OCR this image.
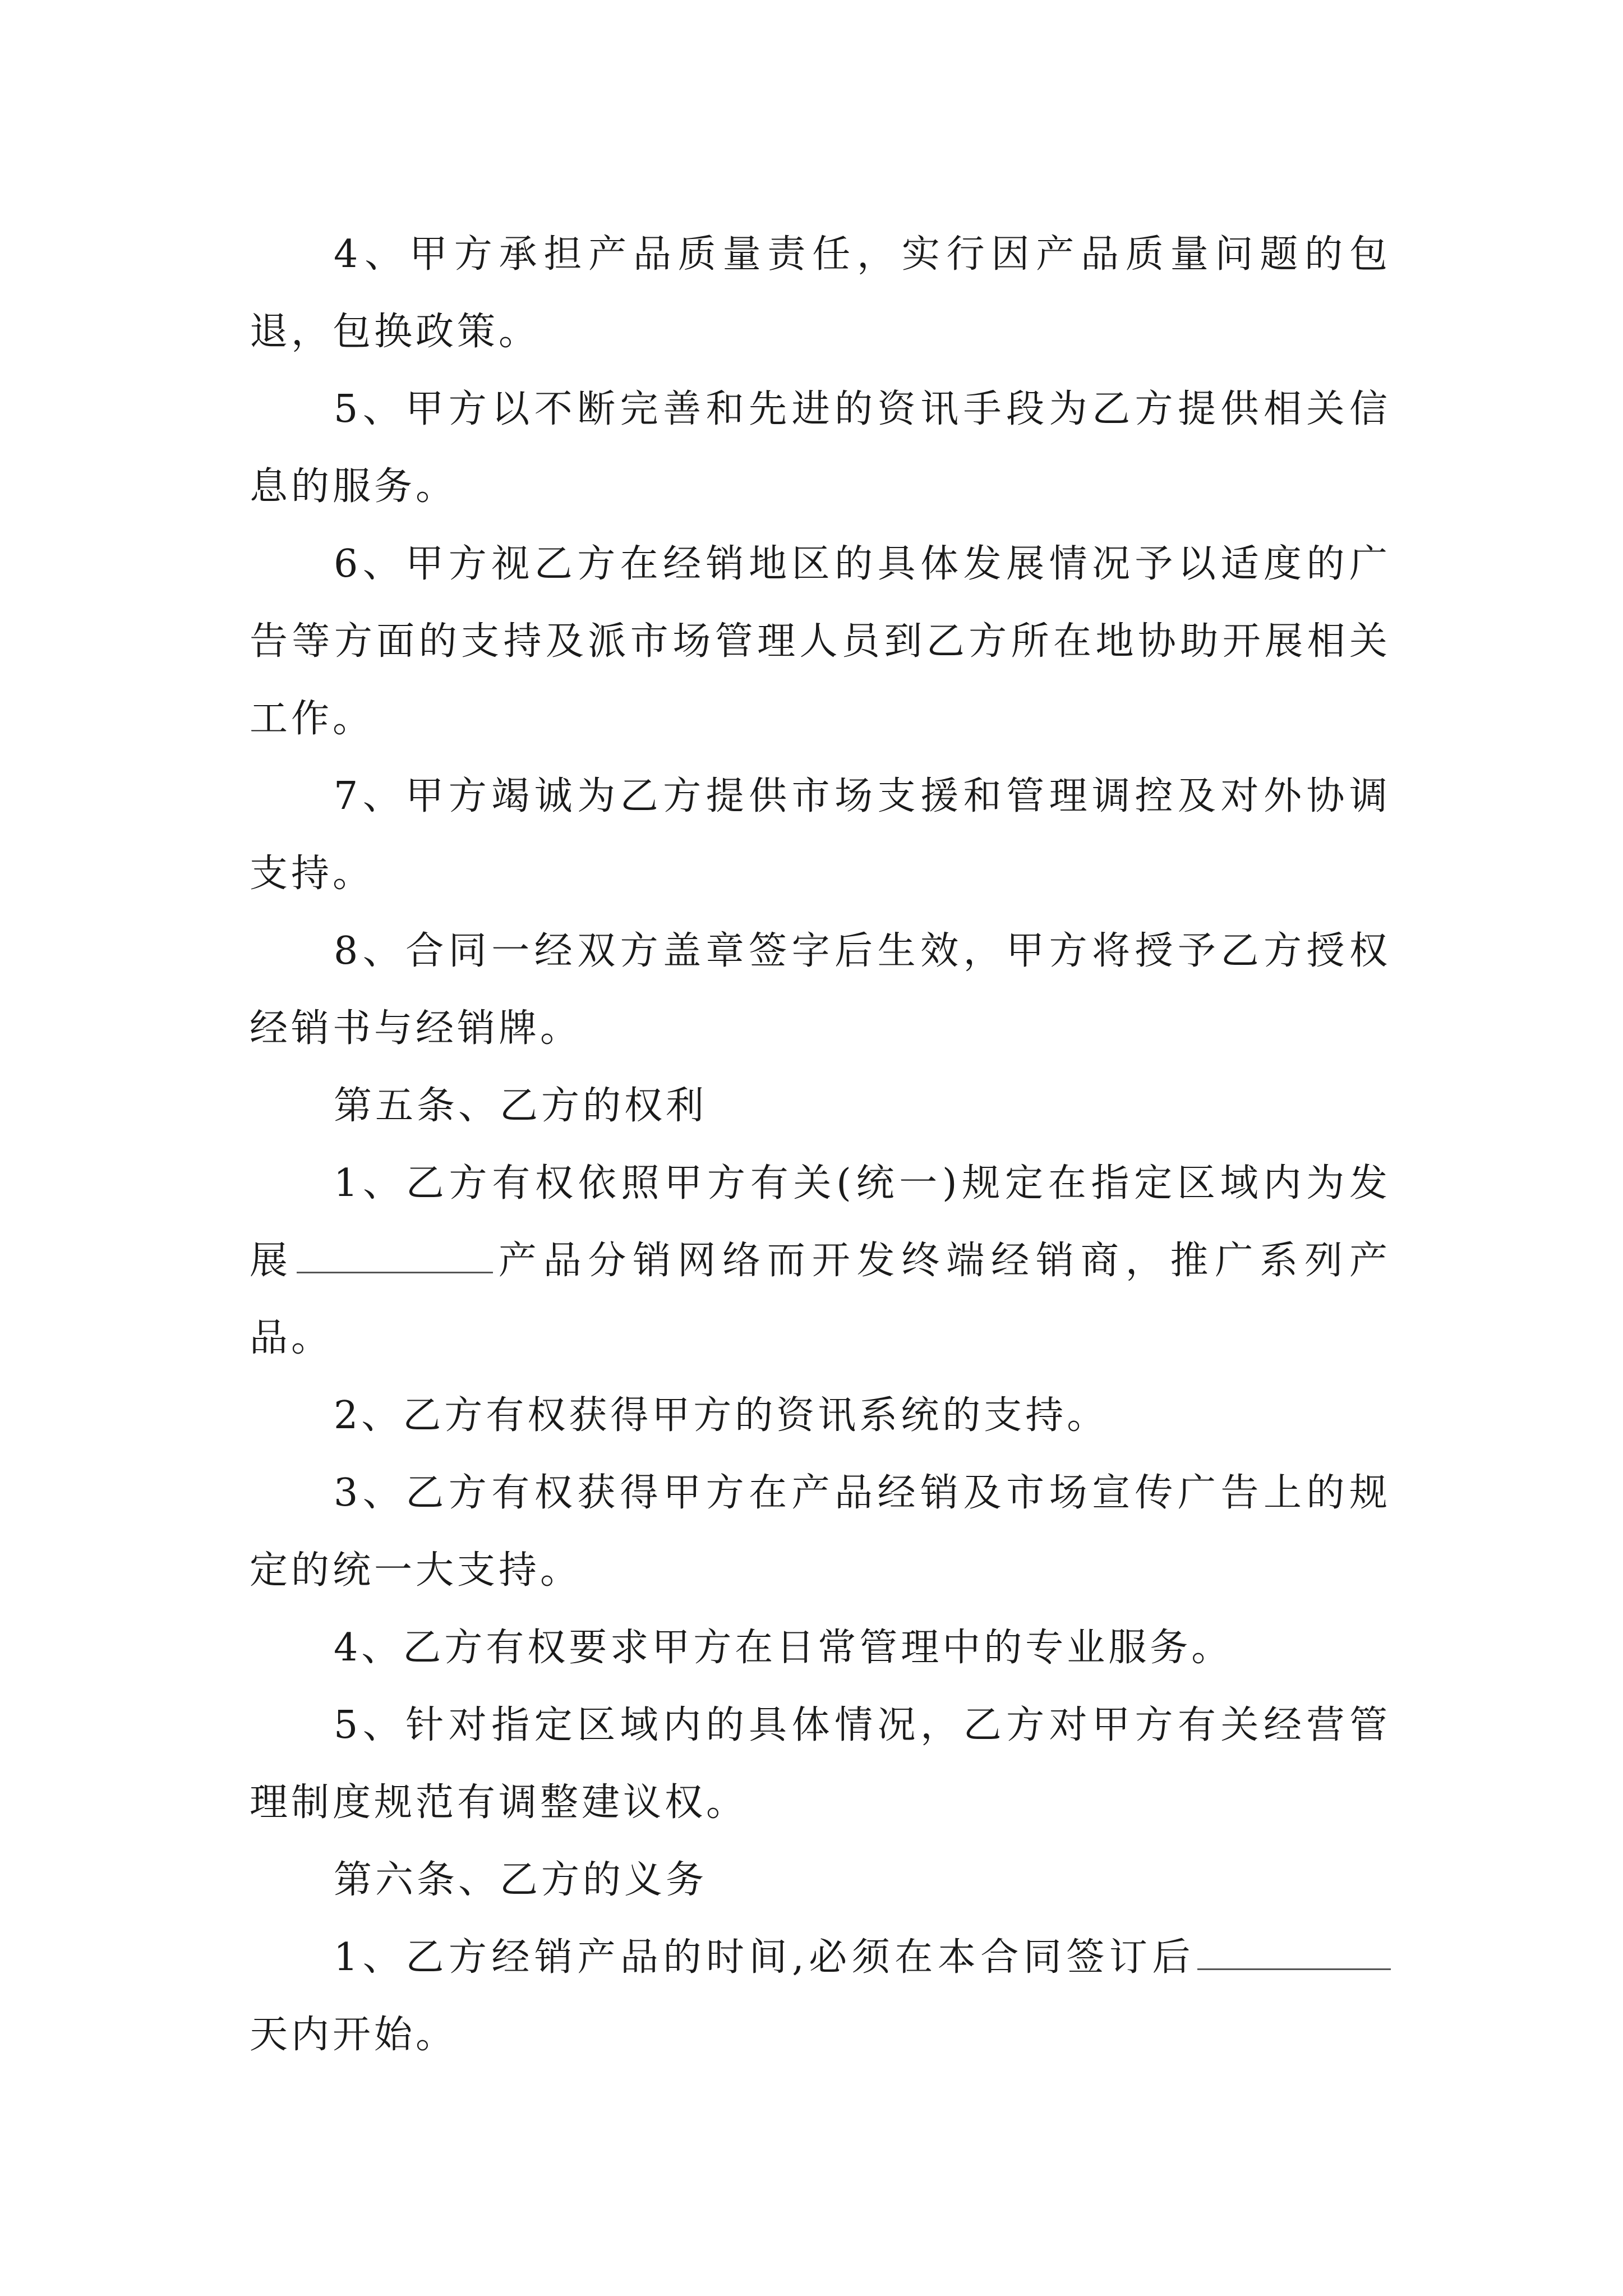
4、甲方承担产品质量责任，实行因产品质量问题的包退，包换政策。

5、甲方以不断完善和先进的资讯手段为乙方提供相关信息的服务。

6、甲方视乙方在经销地区的具体发展情况予以适度的广告等方面的支持及派市场管理人员到乙方所在地协助开展相关工作。

7、甲方竭诚为乙方提供市场支援和管理调控及对外协调支持。

8、合同一经双方盖章签字后生效，甲方将授予乙方授权经销书与经销牌。

第五条、乙方的权利

1、乙方有权依照甲方有关(统一)规定在指定区域内为发展	产品分销网络而开发终端经销商，推广系列产品。

2、乙方有权获得甲方的资讯系统的支持。

3、乙方有权获得甲方在产品经销及市场宣传广告上的规定的统一大支持。

4、乙方有权要求甲方在日常管理中的专业服务。

5、针对指定区域内的具体情况，乙方对甲方有关经营管理制度规范有调整建议权。

第六条、乙方的义务

1、乙方经销产品的时间,必须在本合同签订后天内开始。
